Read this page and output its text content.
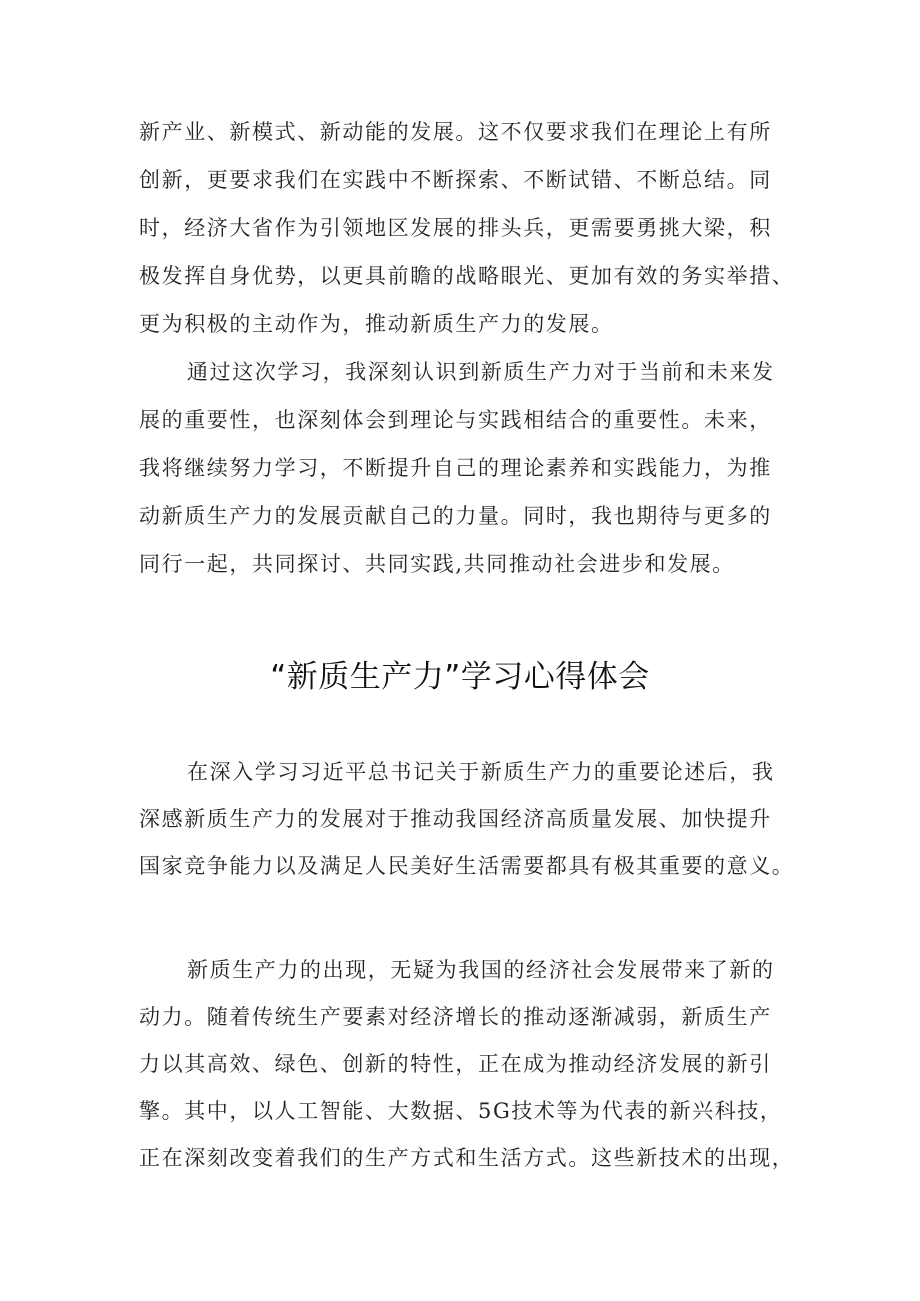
新产业、新模式、新动能的发展。这不仅要求我们在理论上有所
创新，更要求我们在实践中不断探索、不断试错、不断总结。同
时，经济大省作为引领地区发展的排头兵，更需要勇挑大梁，积
极发挥自身优势，以更具前瞻的战略眼光、更加有效的务实举措、
更为积极的主动作为，推动新质生产力的发展。
通过这次学习，我深刻认识到新质生产力对于当前和未来发
展的重要性，也深刻体会到理论与实践相结合的重要性。未来，
我将继续努力学习，不断提升自己的理论素养和实践能力，为推
动新质生产力的发展贡献自己的力量。同时，我也期待与更多的
同行一起，共同探讨、共同实践,共同推动社会进步和发展。
“新质生产力”学习心得体会
在深入学习习近平总书记关于新质生产力的重要论述后，我
深感新质生产力的发展对于推动我国经济高质量发展、加快提升
国家竞争能力以及满足人民美好生活需要都具有极其重要的意义。
新质生产力的出现，无疑为我国的经济社会发展带来了新的
动力。随着传统生产要素对经济增长的推动逐渐减弱，新质生产
力以其高效、绿色、创新的特性，正在成为推动经济发展的新引
擎。其中，以人工智能、大数据、5G技术等为代表的新兴科技，
正在深刻改变着我们的生产方式和生活方式。这些新技术的出现，
